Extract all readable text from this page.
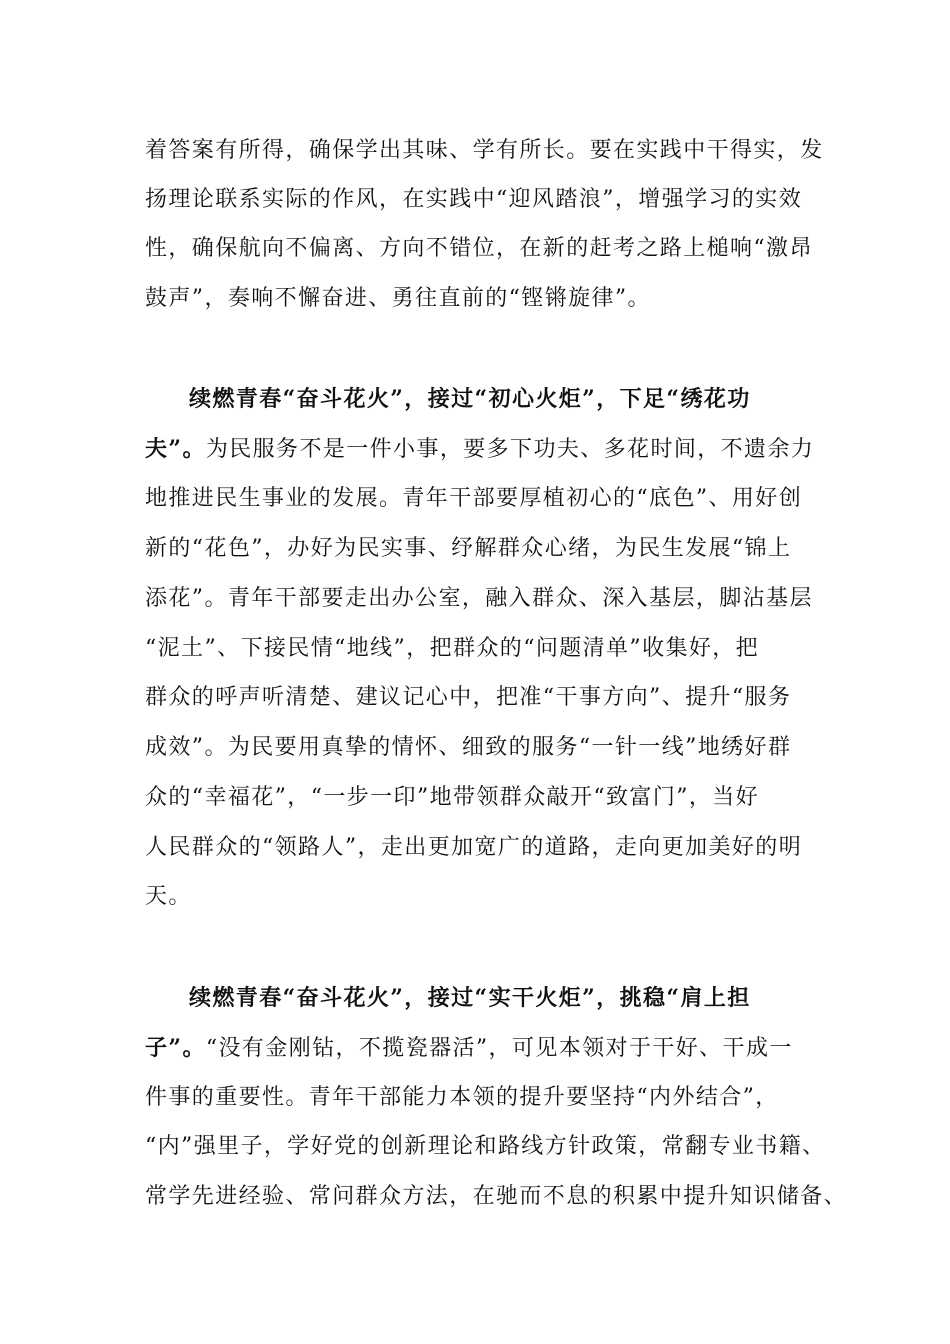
着答案有所得，确保学出其味、学有所长。要在实践中干得实，发
扬理论联系实际的作风，在实践中“迎风踏浪”，增强学习的实效
性，确保航向不偏离、方向不错位，在新的赶考之路上槌响“激昂
鼓声”，奏响不懈奋进、勇往直前的“铿锵旋律”。
续燃青春“奋斗花火”，接过“初心火炬”，下足“绣花功
夫”。为民服务不是一件小事，要多下功夫、多花时间，不遗余力
地推进民生事业的发展。青年干部要厚植初心的“底色”、用好创
新的“花色”，办好为民实事、纾解群众心绪，为民生发展“锦上
添花”。青年干部要走出办公室，融入群众、深入基层，脚沾基层
“泥土”、下接民情“地线”，把群众的“问题清单”收集好，把
群众的呼声听清楚、建议记心中，把准“干事方向”、提升“服务
成效”。为民要用真挚的情怀、细致的服务“一针一线”地绣好群
众的“幸福花”，“一步一印”地带领群众敲开“致富门”，当好
人民群众的“领路人”，走出更加宽广的道路，走向更加美好的明
天。
续燃青春“奋斗花火”，接过“实干火炬”，挑稳“肩上担
子”。“没有金刚钻，不揽瓷器活”，可见本领对于干好、干成一
件事的重要性。青年干部能力本领的提升要坚持“内外结合”，
“内”强里子，学好党的创新理论和路线方针政策，常翻专业书籍、
常学先进经验、常问群众方法，在驰而不息的积累中提升知识储备、
